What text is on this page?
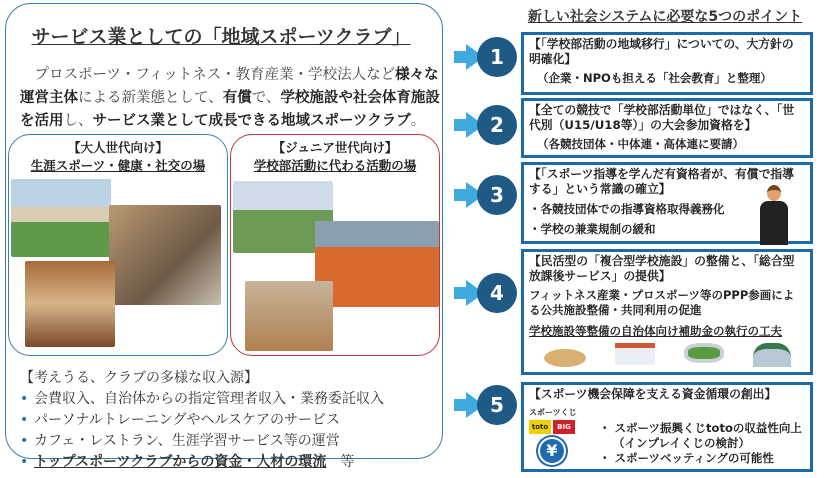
サービス業としての「地域スポーツクラブ」
プロスポーツ・フィットネス・教育産業・学校法人など様々な運営主体による新業態として、有償で、学校施設や社会体育施設を活用し、サービス業として成長できる地域スポーツクラブ。
【大人世代向け】
生涯スポーツ・健康・社交の場
【ジュニア世代向け】
学校部活動に代わる活動の場
【考えうる、クラブの多様な収入源】
• 会費収入、自治体からの指定管理者収入・業務委託収入
• パーソナルトレーニングやヘルスケアのサービス
• カフェ・レストラン、生涯学習サービス等の運営
• トップスポーツクラブからの資金・人材の環流　等
新しい社会システムに必要な5つのポイント
1
2
3
4
5
【「学校部活動の地域移行」についての、大方針の明確化】
（企業・NPOも担える「社会教育」と整理）
【全ての競技で「学校部活動単位」ではなく、「世代別（U15/U18等）」の大会参加資格を】
（各競技団体・中体連・高体連に要請）
【「スポーツ指導を学んだ有資格者が、有償で指導する」という常識の確立】
・各競技団体での指導資格取得義務化
・学校の兼業規制の緩和
【民活型の「複合型学校施設」の整備と、「総合型放課後サービス」の提供】
フィットネス産業・プロスポーツ等のPPP参画による公共施設整備・共同利用の促進
学校施設等整備の自治体向け補助金の執行の工夫
【スポーツ機会保障を支える資金循環の創出】
スポーツくじ
toto	BIG
¥
・ スポーツ振興くじtotoの収益性向上
（インプレイくじの検討）
・ スポーツベッティングの可能性
